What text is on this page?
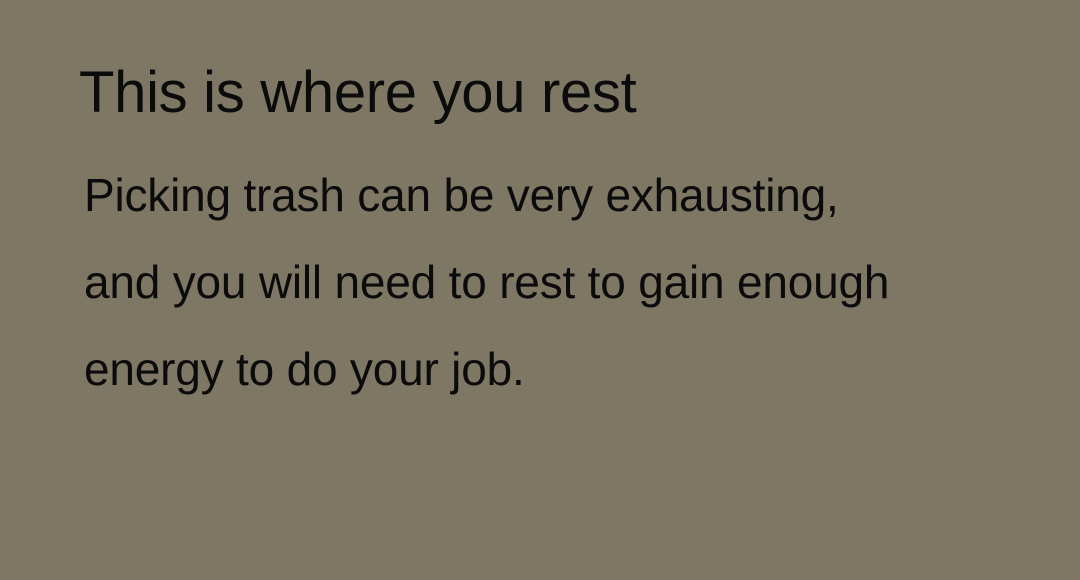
This is where you rest
Picking trash can be very exhausting,
and you will need to rest to gain enough
energy to do your job.
